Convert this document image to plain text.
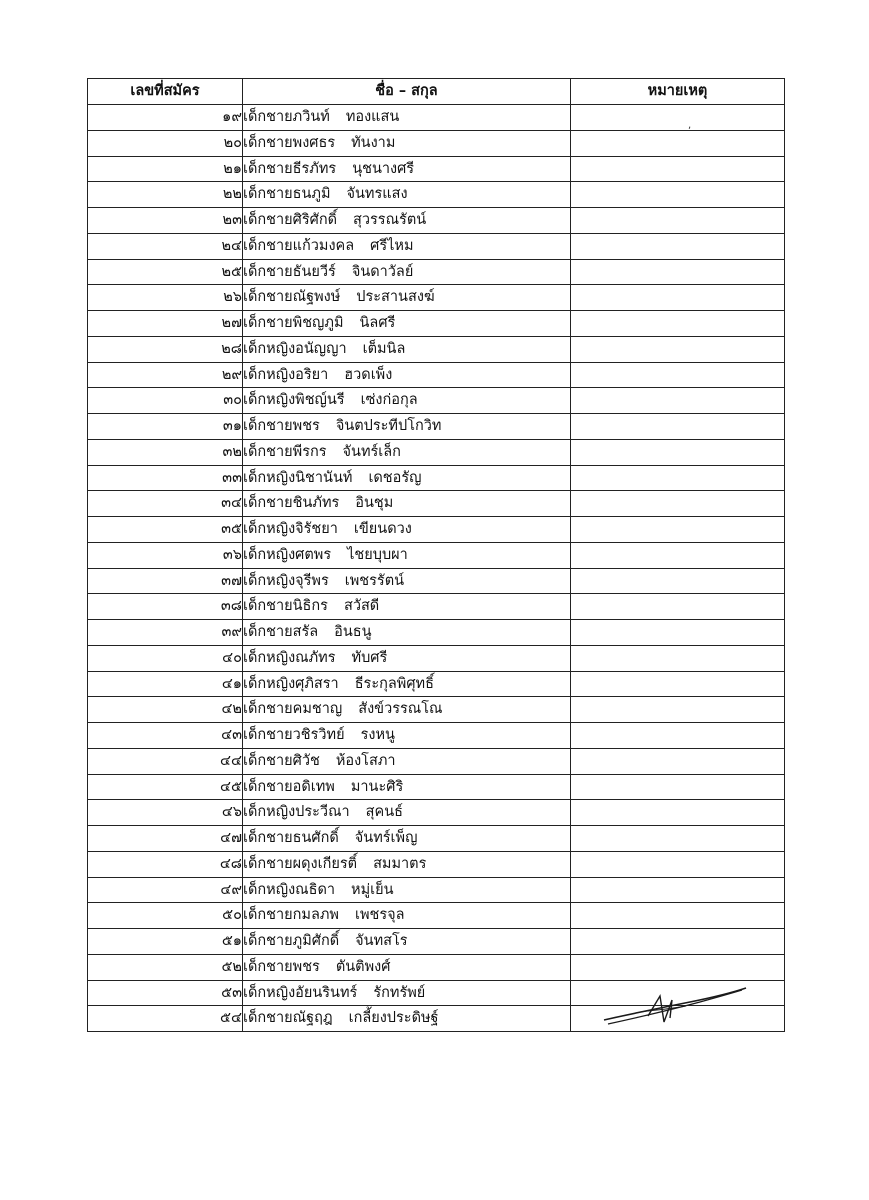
เลขที่สมัคร	ชื่อ – สกุล	หมายเหตุ
๑๙	เด็กชายภวินท์ ทองแสน	
๒๐	เด็กชายพงศธร ทันงาม	
๒๑	เด็กชายธีรภัทร นุชนางศรี	
๒๒	เด็กชายธนภูมิ จันทรแสง	
๒๓	เด็กชายศิริศักดิ์ สุวรรณรัตน์	
๒๔	เด็กชายแก้วมงคล ศรีไหม	
๒๕	เด็กชายธันยวีร์ จินดาวัลย์	
๒๖	เด็กชายณัฐพงษ์ ประสานสงฆ์	
๒๗	เด็กชายพิชญภูมิ นิลศรี	
๒๘	เด็กหญิงอนัญญา เต็มนิล	
๒๙	เด็กหญิงอริยา ฮวดเพ็ง	
๓๐	เด็กหญิงพิชญ์นรี เซ่งก่อกุล	
๓๑	เด็กชายพชร จินตประทีปโกวิท	
๓๒	เด็กชายพีรกร จันทร์เล็ก	
๓๓	เด็กหญิงนิชานันท์ เดชอรัญ	
๓๔	เด็กชายชินภัทร อินชุม	
๓๕	เด็กหญิงจิรัชยา เขียนดวง	
๓๖	เด็กหญิงศตพร ไชยบุบผา	
๓๗	เด็กหญิงจุรีพร เพชรรัตน์	
๓๘	เด็กชายนิธิกร สวัสดี	
๓๙	เด็กชายสรัล อินธนู	
๔๐	เด็กหญิงณภัทร ทับศรี	
๔๑	เด็กหญิงศุภิสรา ธีระกุลพิศุทธิ์	
๔๒	เด็กชายคมชาญ สังข์วรรณโณ	
๔๓	เด็กชายวชิรวิทย์ รงหนู	
๔๔	เด็กชายศิวัช ห้องโสภา	
๔๕	เด็กชายอดิเทพ มานะศิริ	
๔๖	เด็กหญิงประวีณา สุคนธ์	
๔๗	เด็กชายธนศักดิ์ จันทร์เพ็ญ	
๔๘	เด็กชายผดุงเกียรติ์ สมมาตร	
๔๙	เด็กหญิงณธิดา หมู่เย็น	
๕๐	เด็กชายกมลภพ เพชรจุล	
๕๑	เด็กชายภูมิศักดิ์ จันทสโร	
๕๒	เด็กชายพชร ตันติพงศ์	
๕๓	เด็กหญิงอัยนรินทร์ รักทรัพย์	
๕๔	เด็กชายณัฐฤฎ เกลี้ยงประดิษฐ์	
,
